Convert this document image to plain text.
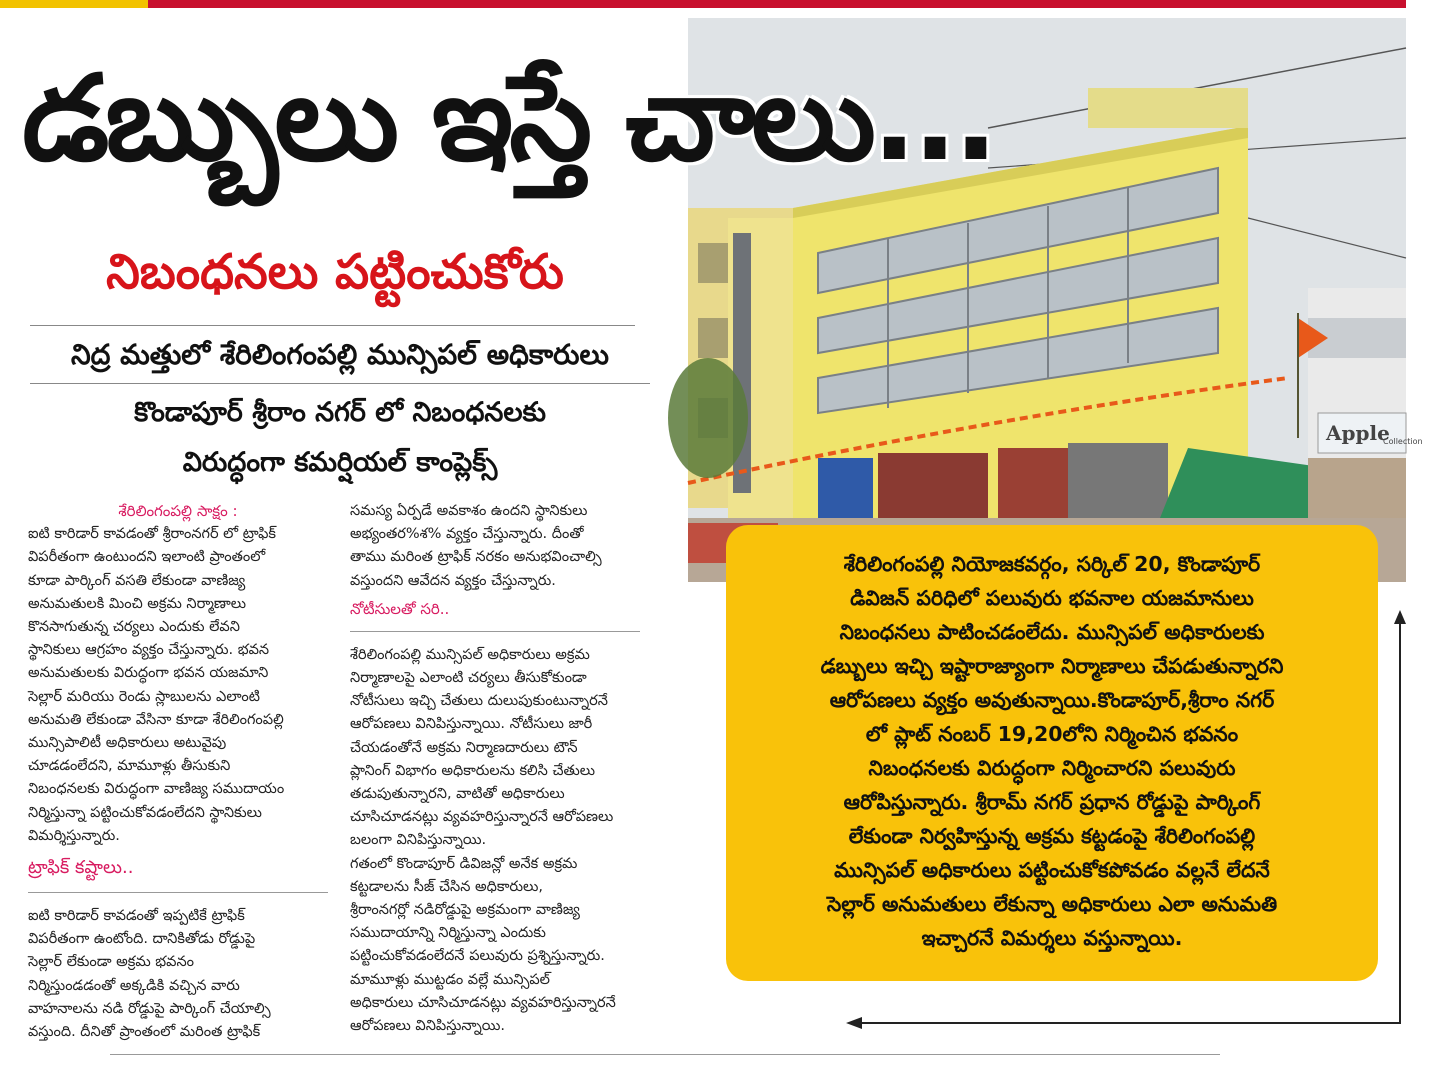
Apple
Collection
డబ్బులు ఇస్తే చాలు...
నిబంధనలు పట్టించుకోరు
నిద్ర మత్తులో శేరిలింగంపల్లి మున్సిపల్ అధికారులు
కొండాపూర్ శ్రీరాం నగర్ లో నిబంధనలకు
విరుద్ధంగా కమర్షియల్ కాంప్లెక్స్

శేరిలింగంపల్లి సాక్షం :

ఐటి కారిడార్ కావడంతో శ్రీరాంనగర్ లో ట్రాఫిక్

విపరీతంగా ఉంటుందని ఇలాంటి ప్రాంతంలో

కూడా పార్కింగ్ వసతి లేకుండా వాణిజ్య

అనుమతులకి మించి అక్రమ నిర్మాణాలు

కొనసాగుతున్న చర్యలు ఎందుకు లేవని

స్థానికులు ఆగ్రహం వ్యక్తం చేస్తున్నారు. భవన

అనుమతులకు విరుద్ధంగా భవన యజమాని

సెల్లార్ మరియు రెండు స్లాబులను ఎలాంటి

అనుమతి లేకుండా వేసినా కూడా శేరిలింగంపల్లి

మున్సిపాలిటీ అధికారులు అటువైపు

చూడడంలేదని, మామూళ్లు తీసుకుని

నిబంధనలకు విరుద్ధంగా వాణిజ్య సముదాయం

నిర్మిస్తున్నా పట్టించుకోవడంలేదని స్థానికులు

విమర్శిస్తున్నారు.

ట్రాఫిక్ కష్టాలు..

ఐటి కారిడార్ కావడంతో ఇప్పటికే ట్రాఫిక్

విపరీతంగా ఉంటోంది. దానికితోడు రోడ్డుపై

సెల్లార్ లేకుండా అక్రమ భవనం

నిర్మిస్తుండడంతో అక్కడికి వచ్చిన వారు

వాహనాలను నడి రోడ్డుపై పార్కింగ్ చేయాల్సి

వస్తుంది. దీనితో ప్రాంతంలో మరింత ట్రాఫిక్

సమస్య ఏర్పడే అవకాశం ఉందని స్థానికులు

అభ్యంతర%శ% వ్యక్తం చేస్తున్నారు. దీంతో

తాము మరింత ట్రాఫిక్ నరకం అనుభవించాల్సి

వస్తుందని ఆవేదన వ్యక్తం చేస్తున్నారు.

నోటీసులతో సరి..

శేరిలింగంపల్లి మున్సిపల్ అధికారులు అక్రమ

నిర్మాణాలపై ఎలాంటి చర్యలు తీసుకోకుండా

నోటీసులు ఇచ్చి చేతులు దులుపుకుంటున్నారనే

ఆరోపణలు వినిపిస్తున్నాయి. నోటీసులు జారీ

చేయడంతోనే అక్రమ నిర్మాణదారులు టౌన్

ప్లానింగ్ విభాగం అధికారులను కలిసి చేతులు

తడుపుతున్నారని, వాటితో అధికారులు

చూసిచూడనట్లు వ్యవహరిస్తున్నారనే ఆరోపణలు

బలంగా వినిపిస్తున్నాయి.

గతంలో కొండాపూర్ డివిజన్లో అనేక అక్రమ

కట్టడాలను సీజ్ చేసిన అధికారులు,

శ్రీరాంనగర్లో నడిరోడ్డుపై అక్రమంగా వాణిజ్య

సముదాయాన్ని నిర్మిస్తున్నా ఎందుకు

పట్టించుకోవడంలేదనే పలువురు ప్రశ్నిస్తున్నారు.

మామూళ్లు ముట్టడం వల్లే మున్సిపల్

అధికారులు చూసిచూడనట్లు వ్యవహరిస్తున్నారనే

ఆరోపణలు వినిపిస్తున్నాయి.

శేరిలింగంపల్లి నియోజకవర్గం, సర్కిల్ 20, కొండాపూర్

డివిజన్ పరిధిలో పలువురు భవనాల యజమానులు

నిబంధనలు పాటించడంలేదు. మున్సిపల్ అధికారులకు

డబ్బులు ఇచ్చి ఇష్టారాజ్యాంగా నిర్మాణాలు చేపడుతున్నారని

ఆరోపణలు వ్యక్తం అవుతున్నాయి.కొండాపూర్,శ్రీరాం నగర్

లో ప్లాట్ నంబర్ 19,20లోని నిర్మించిన భవనం

నిబంధనలకు విరుద్ధంగా నిర్మించారని పలువురు

ఆరోపిస్తున్నారు. శ్రీరామ్ నగర్ ప్రధాన రోడ్డుపై పార్కింగ్

లేకుండా నిర్వహిస్తున్న అక్రమ కట్టడంపై శేరిలింగంపల్లి

మున్సిపల్ అధికారులు పట్టించుకోకపోవడం వల్లనే లేదనే

సెల్లార్ అనుమతులు లేకున్నా అధికారులు ఎలా అనుమతి

ఇచ్చారనే విమర్శలు వస్తున్నాయి.
